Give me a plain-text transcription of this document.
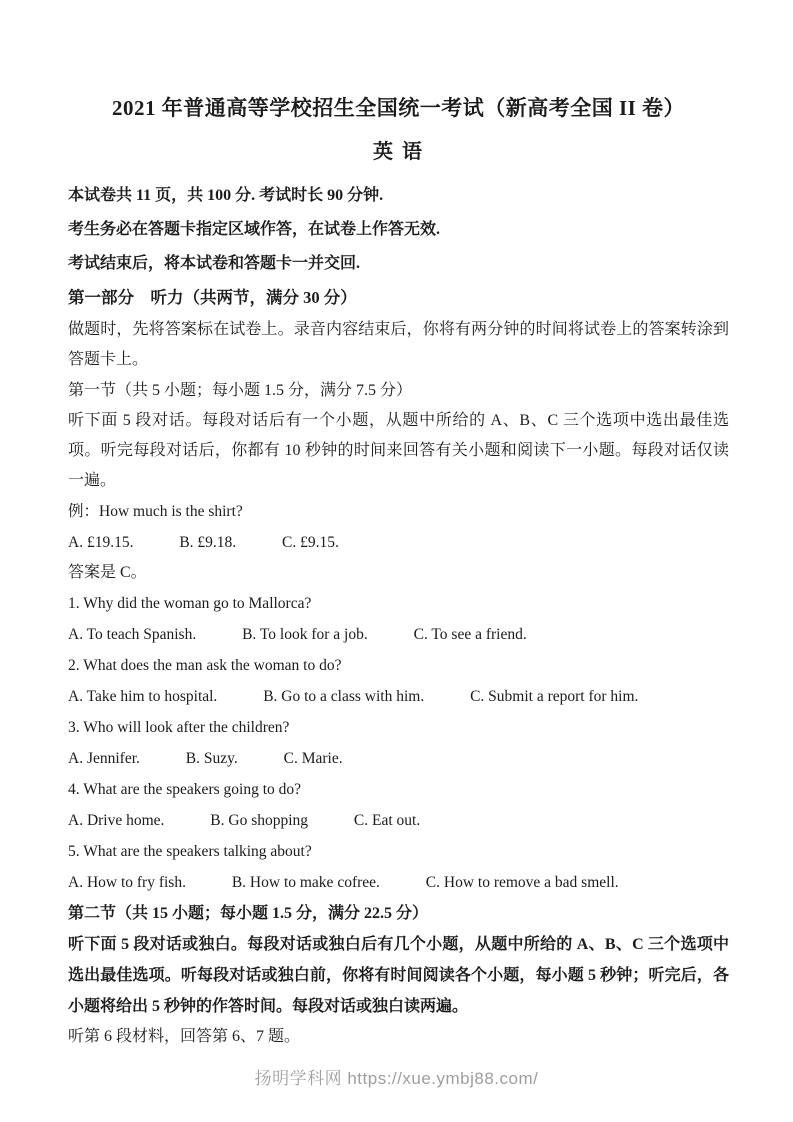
2021 年普通高等学校招生全国统一考试（新高考全国 II 卷）
英 语

本试卷共 11 页，共 100 分. 考试时长 90 分钟.

考生务必在答题卡指定区域作答，在试卷上作答无效.

考试结束后，将本试卷和答题卡一并交回.

第一部分　听力（共两节，满分 30 分）

做题时，先将答案标在试卷上。录音内容结束后，你将有两分钟的时间将试卷上的答案转涂到答题卡上。

第一节（共 5 小题；每小题 1.5 分，满分 7.5 分）

听下面 5 段对话。每段对话后有一个小题，从题中所给的 A、B、C 三个选项中选出最佳选项。听完每段对话后，你都有 10 秒钟的时间来回答有关小题和阅读下一小题。每段对话仅读一遍。

例：How much is the shirt?

A. £19.15.	B. £9.18.	C. £9.15.

答案是 C。

1. Why did the woman go to Mallorca?

A. To teach Spanish.	B. To look for a job.	C. To see a friend.

2. What does the man ask the woman to do?

A. Take him to hospital.	B. Go to a class with him.	C. Submit a report for him.

3. Who will look after the children?

A. Jennifer.	B. Suzy.	C. Marie.

4. What are the speakers going to do?

A. Drive home.	B. Go shopping	C. Eat out.

5. What are the speakers talking about?

A. How to fry fish.	B. How to make cofree.	C. How to remove a bad smell.

第二节（共 15 小题；每小题 1.5 分，满分 22.5 分）

听下面 5 段对话或独白。每段对话或独白后有几个小题，从题中所给的 A、B、C 三个选项中选出最佳选项。听每段对话或独白前，你将有时间阅读各个小题，每小题 5 秒钟；听完后，各小题将给出 5 秒钟的作答时间。每段对话或独白读两遍。

听第 6 段材料，回答第 6、7 题。

扬明学科网 https://xue.ymbj88.com/
